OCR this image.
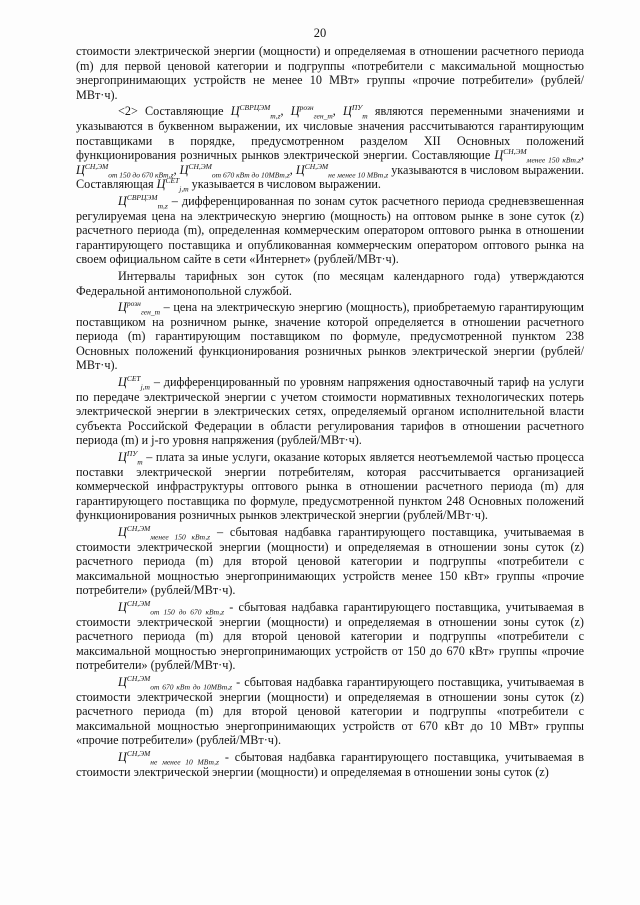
20

стоимости электрической энергии (мощности) и определяемая в отношении расчетного периода (m) для первой ценовой категории и подгруппы «потребители с максимальной мощностью энергопринимающих устройств не менее 10 МВт» группы «прочие потребители» (рублей/МВт·ч).

<2> Составляющие $Ц^{СВРЦЭМ}_{m,z}$, $Ц^{розн}_{ген\_m}$, $Ц^{ПУ}_m$ являются переменными значениями и указываются в буквенном выражении, их числовые значения рассчитываются гарантирующим поставщиками в порядке, предусмотренном разделом XII Основных положений функционирования розничных рынков электрической энергии. Составляющие $Ц^{СН,ЭМ}_{менее 150 кВт,z}$, $Ц^{СН,ЭМ}_{от 150 до 670 кВт,z}$, $Ц^{СН,ЭМ}_{от 670 кВт до 10МВт,z}$, $Ц^{СН,ЭМ}_{не менее 10 МВт,z}$ указываются в числовом выражении. Составляющая $Ц^{СЕТ}_{j,m}$ указывается в числовом выражении.

$Ц^{СВРЦЭМ}_{m,z}$ – дифференцированная по зонам суток расчетного периода средневзвешенная регулируемая цена на электрическую энергию (мощность) на оптовом рынке в зоне суток (z) расчетного периода (m), определенная коммерческим оператором оптового рынка в отношении гарантирующего поставщика и опубликованная коммерческим оператором оптового рынка на своем официальном сайте в сети «Интернет» (рублей/МВт·ч).

Интервалы тарифных зон суток (по месяцам календарного года) утверждаются Федеральной антимонопольной службой.

$Ц^{розн}_{ген\_m}$ – цена на электрическую энергию (мощность), приобретаемую гарантирующим поставщиком на розничном рынке, значение которой определяется в отношении расчетного периода (m) гарантирующим поставщиком по формуле, предусмотренной пунктом 238 Основных положений функционирования розничных рынков электрической энергии (рублей/МВт·ч).

$Ц^{СЕТ}_{j,m}$ – дифференцированный по уровням напряжения одноставочный тариф на услуги по передаче электрической энергии с учетом стоимости нормативных технологических потерь электрической энергии в электрических сетях, определяемый органом исполнительной власти субъекта Российской Федерации в области регулирования тарифов в отношении расчетного периода (m) и j-го уровня напряжения (рублей/МВт·ч).

$Ц^{ПУ}_m$ – плата за иные услуги, оказание которых является неотъемлемой частью процесса поставки электрической энергии потребителям, которая рассчитывается организацией коммерческой инфраструктуры оптового рынка в отношении расчетного периода (m) для гарантирующего поставщика по формуле, предусмотренной пунктом 248 Основных положений функционирования розничных рынков электрической энергии (рублей/МВт·ч).

$Ц^{СН,ЭМ}_{менее 150 кВт,z}$ – сбытовая надбавка гарантирующего поставщика, учитываемая в стоимости электрической энергии (мощности) и определяемая в отношении зоны суток (z) расчетного периода (m) для второй ценовой категории и подгруппы «потребители с максимальной мощностью энергопринимающих устройств менее 150 кВт» группы «прочие потребители» (рублей/МВт·ч).

$Ц^{СН,ЭМ}_{от 150 до 670 кВт,z}$ - сбытовая надбавка гарантирующего поставщика, учитываемая в стоимости электрической энергии (мощности) и определяемая в отношении зоны суток (z) расчетного периода (m) для второй ценовой категории и подгруппы «потребители с максимальной мощностью энергопринимающих устройств от 150 до 670 кВт» группы «прочие потребители» (рублей/МВт·ч).

$Ц^{СН,ЭМ}_{от 670 кВт до 10МВт,z}$ - сбытовая надбавка гарантирующего поставщика, учитываемая в стоимости электрической энергии (мощности) и определяемая в отношении зоны суток (z) расчетного периода (m) для второй ценовой категории и подгруппы «потребители с максимальной мощностью энергопринимающих устройств от 670 кВт до 10 МВт» группы «прочие потребители» (рублей/МВт·ч).

$Ц^{СН,ЭМ}_{не менее 10 МВт,z}$ - сбытовая надбавка гарантирующего поставщика, учитываемая в стоимости электрической энергии (мощности) и определяемая в отношении зоны суток (z)
